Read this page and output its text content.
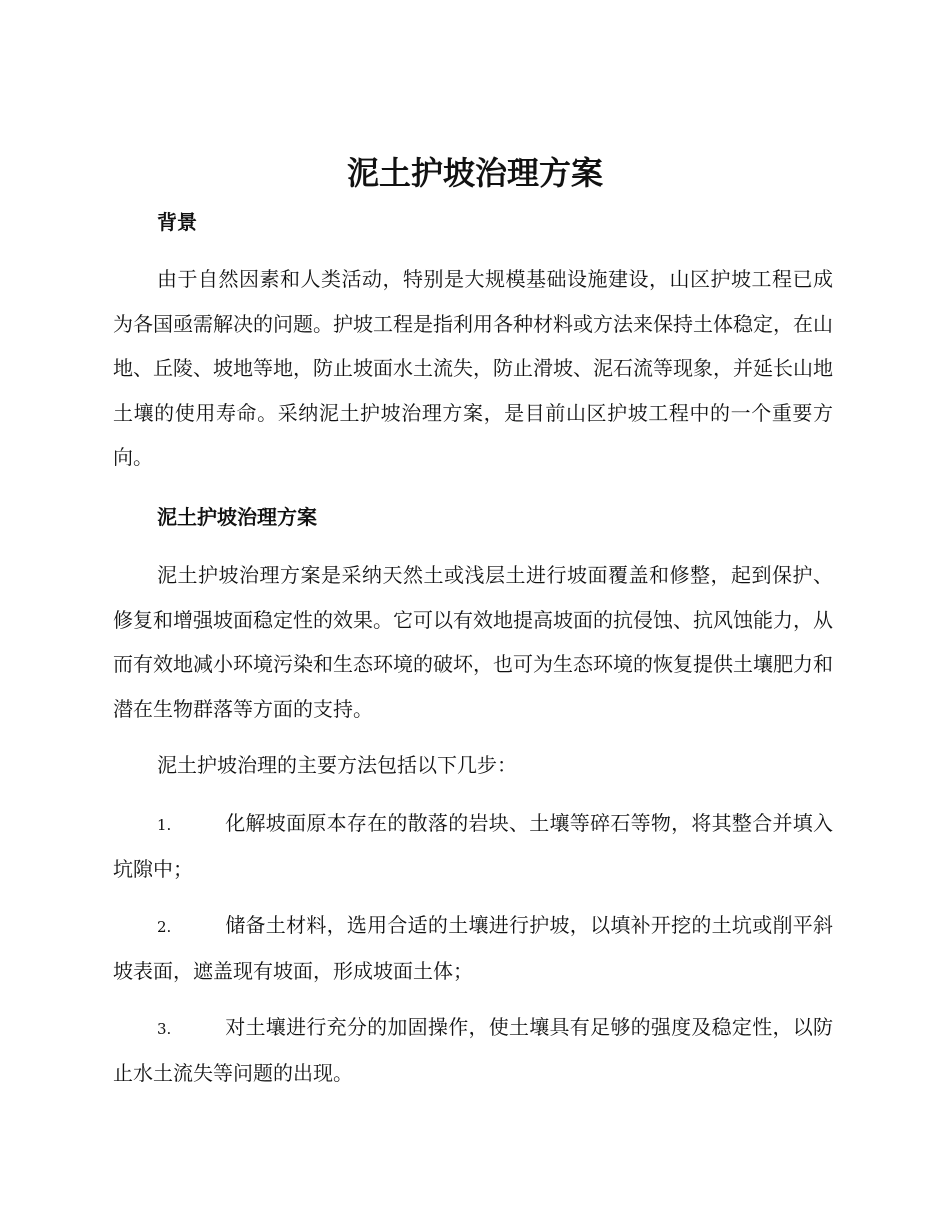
泥土护坡治理方案
背景

由于自然因素和人类活动，特别是大规模基础设施建设，山区护坡工程已成为各国亟需解决的问题。护坡工程是指利用各种材料或方法来保持土体稳定，在山地、丘陵、坡地等地，防止坡面水土流失，防止滑坡、泥石流等现象，并延长山地土壤的使用寿命。采纳泥土护坡治理方案，是目前山区护坡工程中的一个重要方向。

泥土护坡治理方案

泥土护坡治理方案是采纳天然土或浅层土进行坡面覆盖和修整，起到保护、修复和增强坡面稳定性的效果。它可以有效地提高坡面的抗侵蚀、抗风蚀能力，从而有效地减小环境污染和生态环境的破坏，也可为生态环境的恢复提供土壤肥力和潜在生物群落等方面的支持。

泥土护坡治理的主要方法包括以下几步：

1.	化解坡面原本存在的散落的岩块、土壤等碎石等物，将其整合并填入坑隙中；
2.	储备土材料，选用合适的土壤进行护坡，以填补开挖的土坑或削平斜坡表面，遮盖现有坡面，形成坡面土体；
3.	对土壤进行充分的加固操作，使土壤具有足够的强度及稳定性，以防止水土流失等问题的出现。
